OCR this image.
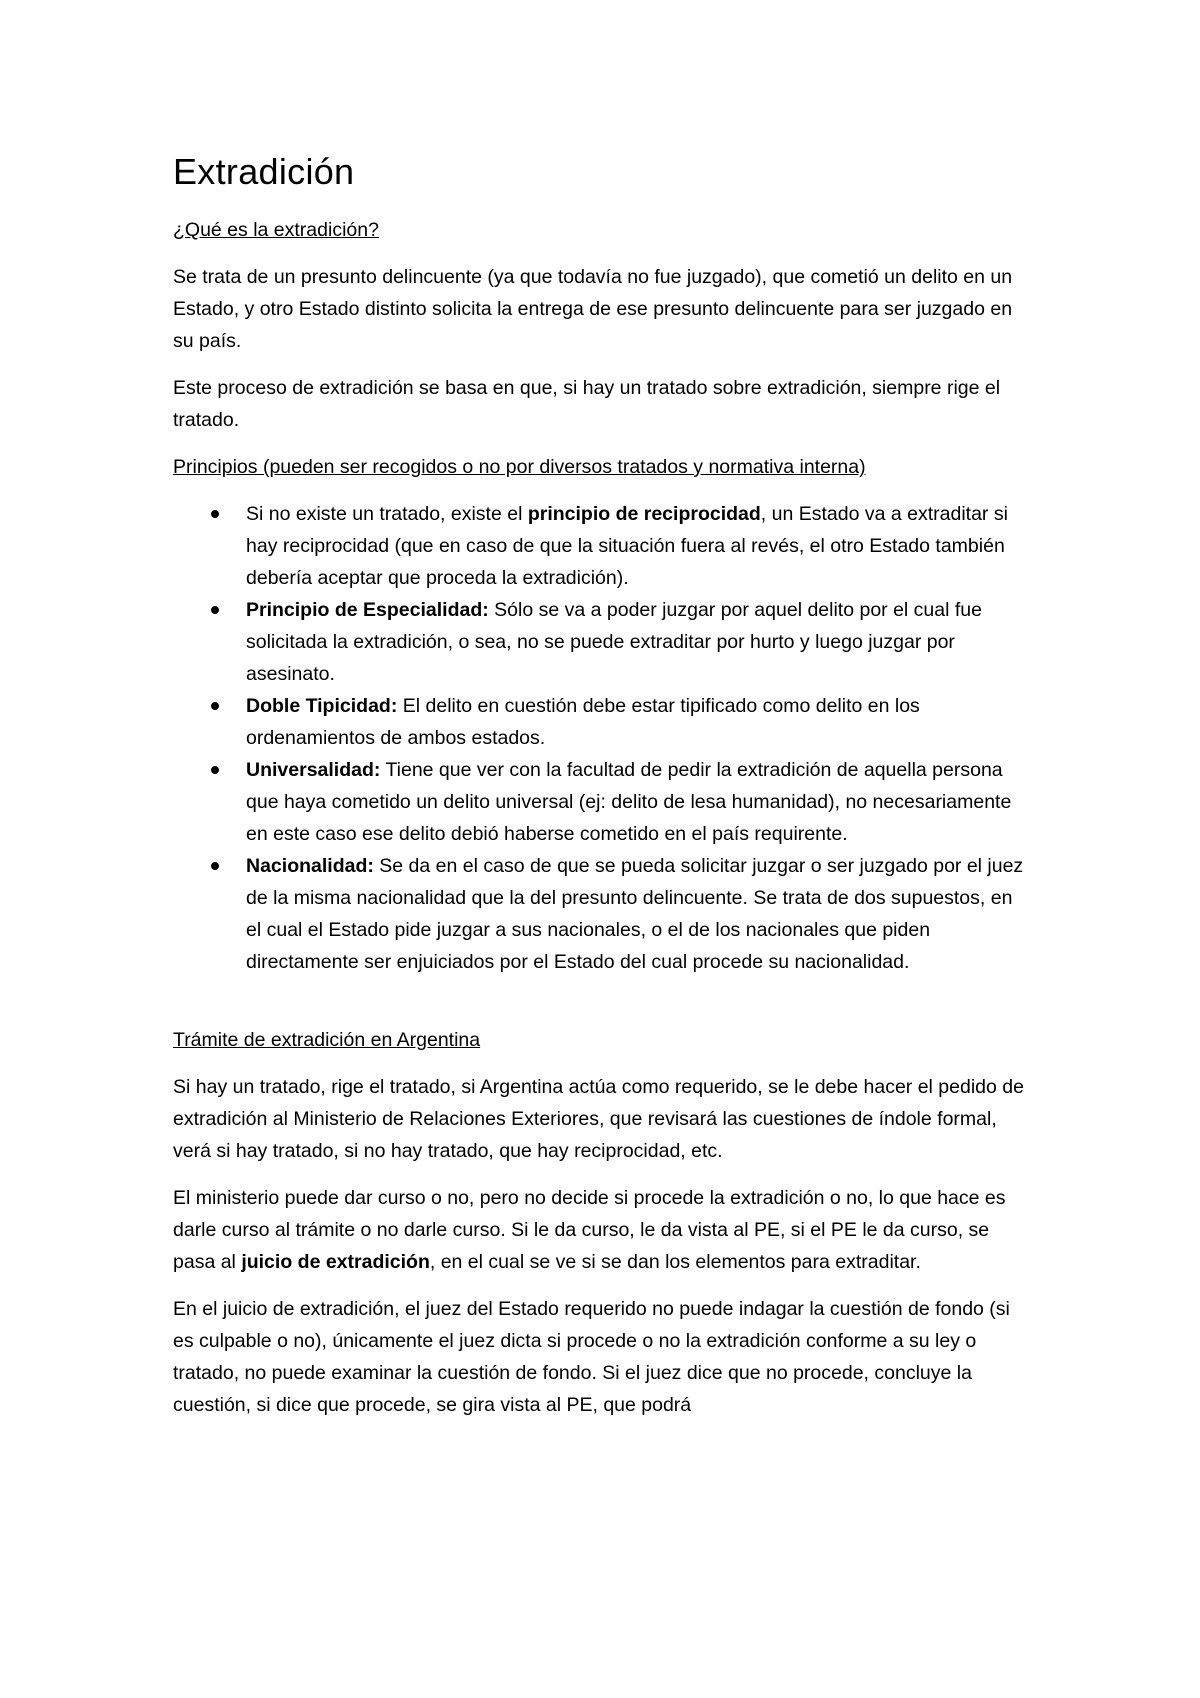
Extradición
¿Qué es la extradición?

Se trata de un presunto delincuente (ya que todavía no fue juzgado), que cometió un delito en un Estado, y otro Estado distinto solicita la entrega de ese presunto delincuente para ser juzgado en su país.

Este proceso de extradición se basa en que, si hay un tratado sobre extradición, siempre rige el tratado.

Principios (pueden ser recogidos o no por diversos tratados y normativa interna)
Si no existe un tratado, existe el principio de reciprocidad, un Estado va a extraditar si hay reciprocidad (que en caso de que la situación fuera al revés, el otro Estado también debería aceptar que proceda la extradición).
Principio de Especialidad: Sólo se va a poder juzgar por aquel delito por el cual fue solicitada la extradición, o sea, no se puede extraditar por hurto y luego juzgar por asesinato.
Doble Tipicidad: El delito en cuestión debe estar tipificado como delito en los ordenamientos de ambos estados.
Universalidad: Tiene que ver con la facultad de pedir la extradición de aquella persona que haya cometido un delito universal (ej: delito de lesa humanidad), no necesariamente en este caso ese delito debió haberse cometido en el país requirente.
Nacionalidad: Se da en el caso de que se pueda solicitar juzgar o ser juzgado por el juez de la misma nacionalidad que la del presunto delincuente. Se trata de dos supuestos, en el cual el Estado pide juzgar a sus nacionales, o el de los nacionales que piden directamente ser enjuiciados por el Estado del cual procede su nacionalidad.
Trámite de extradición en Argentina

Si hay un tratado, rige el tratado, si Argentina actúa como requerido, se le debe hacer el pedido de extradición al Ministerio de Relaciones Exteriores, que revisará las cuestiones de índole formal, verá si hay tratado, si no hay tratado, que hay reciprocidad, etc.

El ministerio puede dar curso o no, pero no decide si procede la extradición o no, lo que hace es darle curso al trámite o no darle curso. Si le da curso, le da vista al PE, si el PE le da curso, se pasa al juicio de extradición, en el cual se ve si se dan los elementos para extraditar.

En el juicio de extradición, el juez del Estado requerido no puede indagar la cuestión de fondo (si es culpable o no), únicamente el juez dicta si procede o no la extradición conforme a su ley o tratado, no puede examinar la cuestión de fondo. Si el juez dice que no procede, concluye la cuestión, si dice que procede, se gira vista al PE, que podrá
